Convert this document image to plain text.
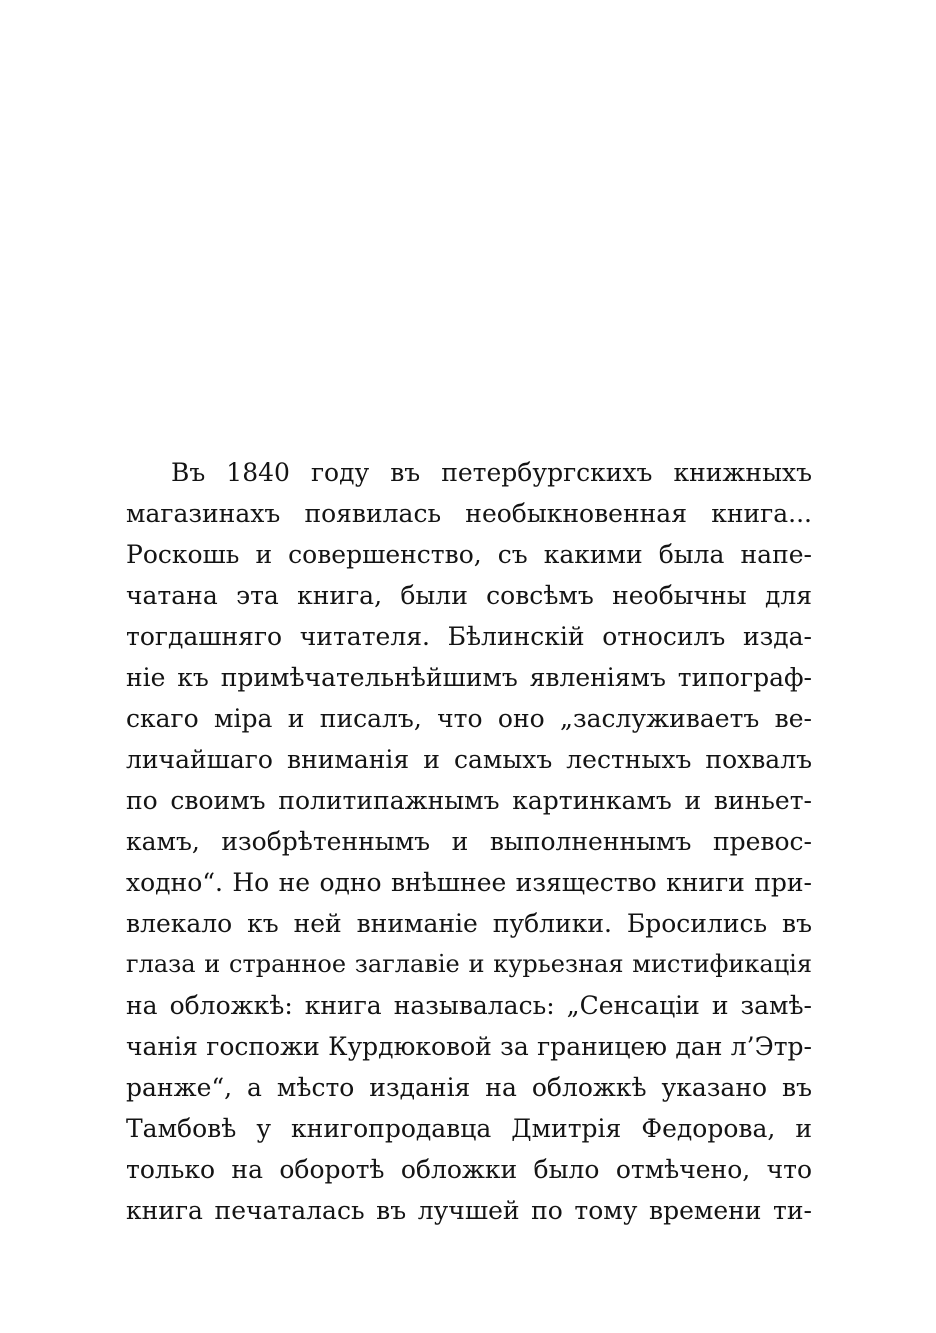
Въ 1840 году въ петербургскихъ книжныхъ
магазинахъ появилась необыкновенная книга...
Роскошь и совершенство, съ какими была напе-
чатана эта книга, были совсѣмъ необычны для
тогдашняго читателя. Бѣлинскій относилъ изда-
ніе къ примѣчательнѣйшимъ явленіямъ типограф-
скаго міра и писалъ, что оно „заслуживаетъ ве-
личайшаго вниманія и самыхъ лестныхъ похвалъ
по своимъ политипажнымъ картинкамъ и виньет-
камъ, изобрѣтеннымъ и выполненнымъ превос-
ходно“. Но не одно внѣшнее изящество книги при-
влекало къ ней вниманіе публики. Бросились въ
глаза и странное заглавіе и курьезная мистификація
на обложкѣ: книга называлась: „Сенсаціи и замѣ-
чанія госпожи Курдюковой за границею дан л’Этр-
ранже“, а мѣсто изданія на обложкѣ указано въ
Тамбовѣ у книгопродавца Дмитрія Федорова, и
только на оборотѣ обложки было отмѣчено, что
книга печаталась въ лучшей по тому времени ти-
